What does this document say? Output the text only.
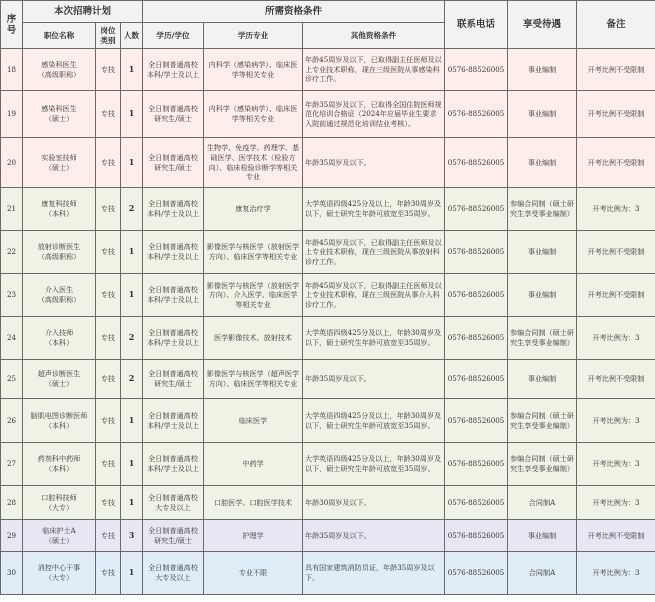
序号	本次招聘计划			所需资格条件			联系电话	享受待遇	备注
	职位名称	岗位类别	人数	学历/学位	学历专业	其他资格条件			
18	感染科医生
（高级职称）	专技	1	全日制普通高校本科/学士及以上	内科学（感染病学）、临床医学等相关专业	年龄45周岁及以下，已取得副主任医师及以上专业技术职称，现在三级医院从事感染科诊疗工作。	0576-88526005	事业编制	开考比例不受限制
19	感染科医生
（硕士）	专技	1	全日制普通高校研究生/硕士	内科学（感染病学）、临床医学等相关专业	年龄35周岁及以下，已取得全国住院医师规范化培训合格证（2024年应届毕业生要求入院前通过规范化培训结业考核）。	0576-88526005	事业编制	开考比例不受限制
20	实验室技师
（硕士）	专技	1	全日制普通高校研究生/硕士	生物学、免疫学、药理学、基础医学、医学技术（检验方向）、临床检验诊断学等相关专业	年龄35周岁及以下。	0576-88526005	事业编制	开考比例不受限制
21	康复科技师
（本科）	专技	2	全日制普通高校本科/学士及以上	康复治疗学	大学英语四级425分及以上，年龄30周岁及以下，硕士研究生年龄可放宽至35周岁。	0576-88526005	参编合同制（硕士研究生享受事业编制）	开考比例为：3
22	放射诊断医生
（高级职称）	专技	1	全日制普通高校本科/学士及以上	影像医学与核医学（放射医学方向）、临床医学等相关专业	年龄45周岁及以下，已取得副主任医师及以上专业技术职称，现在三级医院从事放射科诊疗工作。	0576-88526005	事业编制	开考比例不受限制
23	介入医生
（高级职称）	专技	1	全日制普通高校本科/学士及以上	影像医学与核医学（放射医学方向）、介入医学、临床医学等相关专业	年龄45周岁及以下，已取得副主任医师及以上专业技术职称，现在三级医院从事介入科诊疗工作。	0576-88526005	事业编制	开考比例不受限制
24	介入技师
（本科）	专技	2	全日制普通高校本科/学士及以上	医学影像技术、放射技术	大学英语四级425分及以上，年龄30周岁及以下，硕士研究生年龄可放宽至35周岁。	0576-88526005	参编合同制（硕士研究生享受事业编制）	开考比例为：3
25	超声诊断医生
（硕士）	专技	2	全日制普通高校研究生/硕士	影像医学与核医学（超声医学方向）、临床医学等相关专业	年龄35周岁及以下。	0576-88526005	事业编制	开考比例不受限制
26	脑肌电图诊断医师
（本科）	专技	1	全日制普通高校本科/学士及以上	临床医学	大学英语四级425分及以上，年龄30周岁及以下，硕士研究生年龄可放宽至35周岁。	0576-88526005	参编合同制（硕士研究生享受事业编制）	开考比例为：3
27	药剂科中药师
（本科）	专技	1	全日制普通高校本科/学士及以上	中药学	大学英语四级425分及以上，年龄30周岁及以下，硕士研究生年龄可放宽至35周岁。	0576-88526005	参编合同制（硕士研究生享受事业编制）	开考比例为：3
28	口腔科技师
（大专）	专技	1	全日制普通高校大专及以上	口腔医学、口腔医学技术	年龄30周岁及以下。	0576-88526005	合同制A	开考比例为：3
29	临床护士A
（硕士）	专技	3	全日制普通高校研究生/硕士	护理学	年龄35周岁及以下。	0576-88526005	事业编制	开考比例不受限制
30	消控中心干事
（大专）	专技	1	全日制普通高校大专及以上	专业不限	具有国家建筑消防员证，年龄35周岁及以下。	0576-88526005	合同制A	开考比例为：3
